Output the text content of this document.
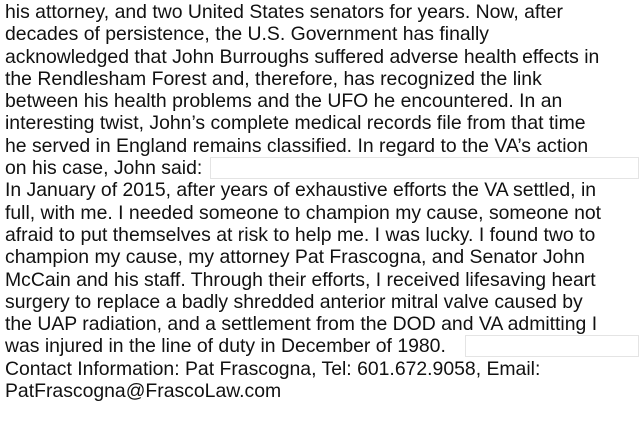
his attorney, and two United States senators for years. Now, after
decades of persistence, the U.S. Government has finally
acknowledged that John Burroughs suffered adverse health effects in
the Rendlesham Forest and, therefore, has recognized the link
between his health problems and the UFO he encountered. In an
interesting twist, John’s complete medical records file from that time
he served in England remains classified. In regard to the VA’s action
on his case, John said:
In January of 2015, after years of exhaustive efforts the VA settled, in
full, with me. I needed someone to champion my cause, someone not
afraid to put themselves at risk to help me. I was lucky. I found two to
champion my cause, my attorney Pat Frascogna, and Senator John
McCain and his staff. Through their efforts, I received lifesaving heart
surgery to replace a badly shredded anterior mitral valve caused by
the UAP radiation, and a settlement from the DOD and VA admitting I
was injured in the line of duty in December of 1980.
Contact Information: Pat Frascogna, Tel: 601.672.9058, Email:
PatFrascogna@FrascoLaw.com
